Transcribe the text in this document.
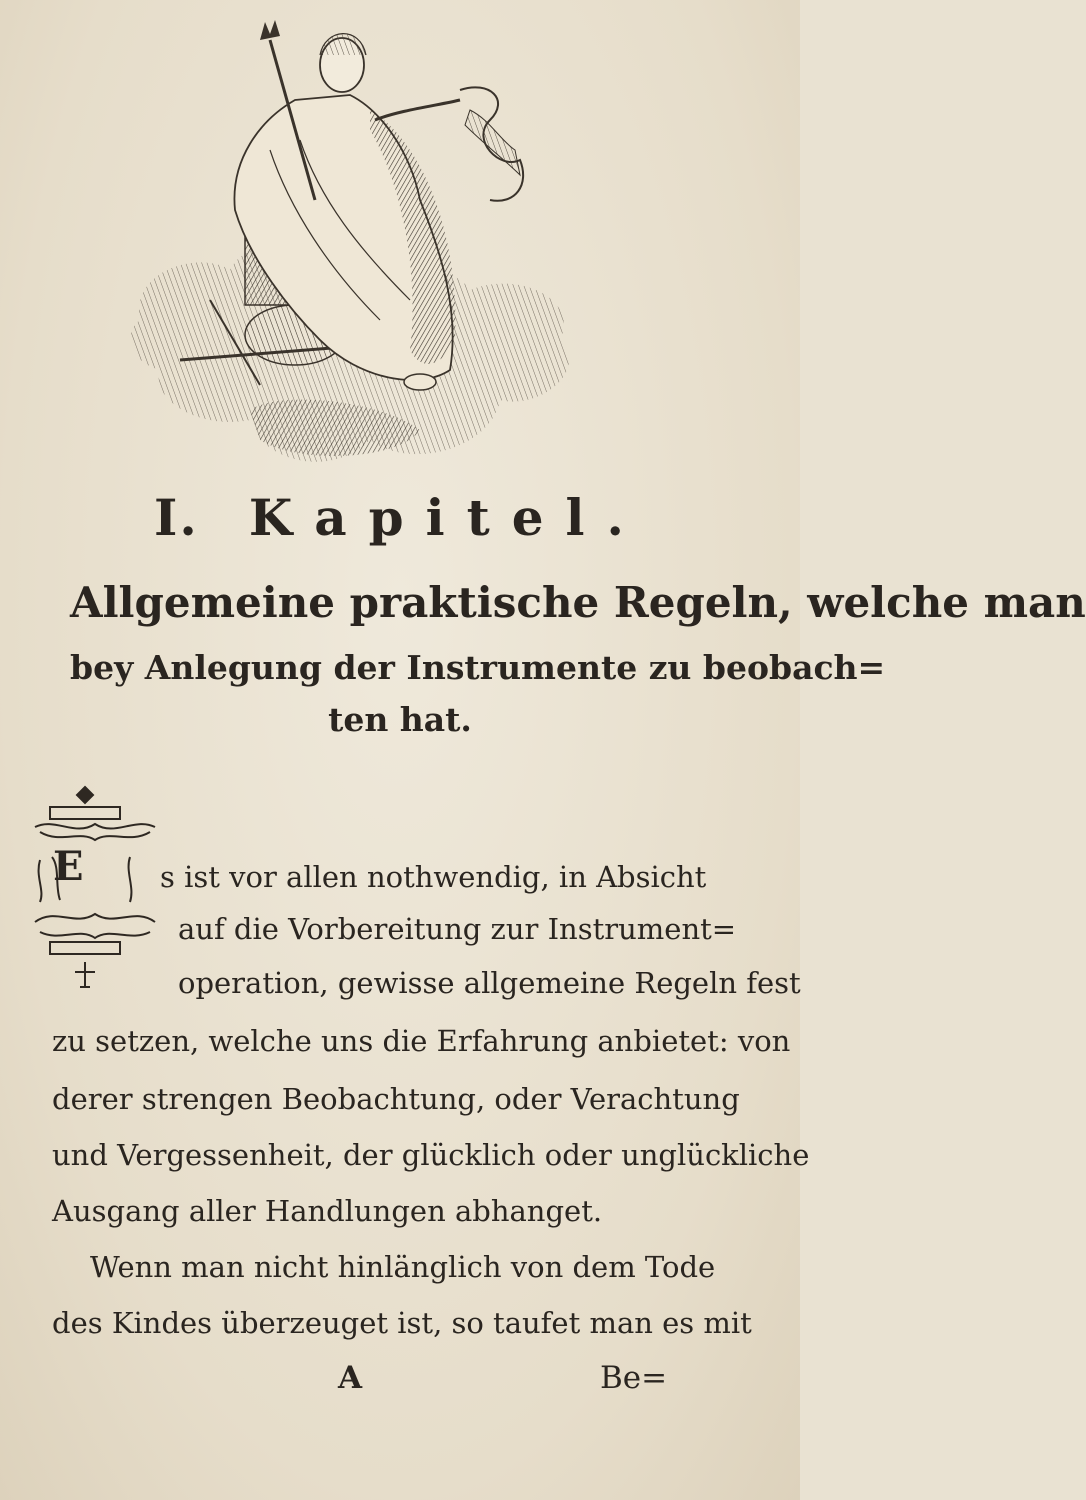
I. Kapitel.
Allgemeine praktische Regeln, welche man
bey Anlegung der Instrumente zu beobach=
ten hat.
E	s ist vor allen nothwendig, in Absicht
auf die Vorbereitung zur Instrument=
operation, gewisse allgemeine Regeln fest
zu setzen, welche uns die Erfahrung anbietet: von
derer strengen Beobachtung, oder Verachtung
und Vergessenheit, der glücklich oder unglückliche
Ausgang aller Handlungen abhanget.
Wenn man nicht hinlänglich von dem Tode
des Kindes überzeuget ist, so taufet man es mit
A	Be=
